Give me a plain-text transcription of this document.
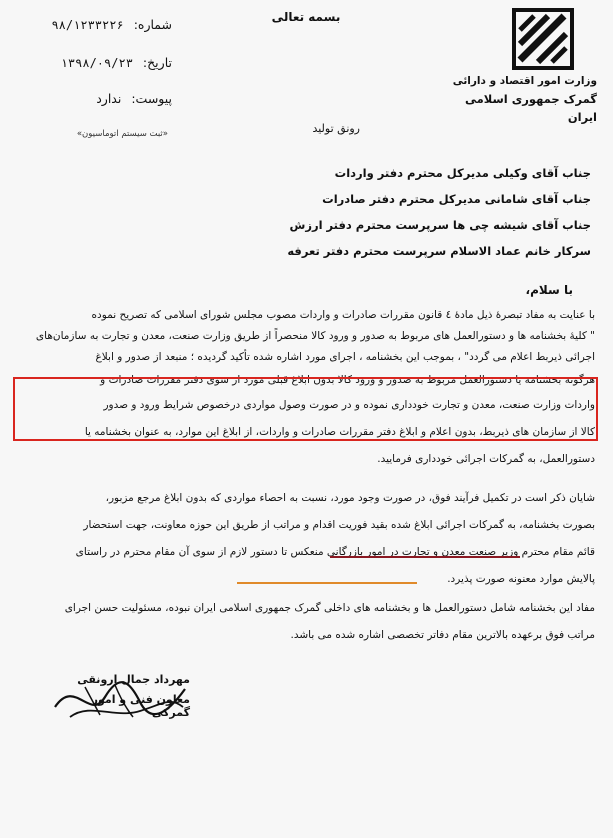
بسمه تعالی
وزارت امور اقتصاد و دارائی
گمرک جمهوری اسلامی ایران
شماره: ۹۸/۱۲۳۳۲۲۶
تاریخ: ۱۳۹۸/۰۹/۲۳
پیوست: ندارد
«ثبت سیستم اتوماسیون»	رونق تولید
جناب آقای وکیلی مدیرکل محترم دفتر واردات
جناب آقای شامانی مدیرکل محترم دفتر صادرات
جناب آقای شیشه چی ها سرپرست محترم دفتر ارزش
سرکار خانم عماد الاسلام سرپرست محترم دفتر تعرفه
با سلام،
با عنایت به مفاد تبصرهٔ ذیل مادهٔ ٤ قانون مقررات صادرات و واردات مصوب مجلس شورای اسلامی که تصریح نموده
" کلیهٔ بخشنامه ها و دستورالعمل های مربوط به صدور و ورود کالا منحصراً از طریق وزارت صنعت، معدن و تجارت به سازمان‌های
اجرائی ذیربط اعلام می گردد" ، بموجب این بخشنامه ، اجرای مورد اشاره شده تأکید گردیده ؛ منبعد از صدور و ابلاغ
هرگونه بخشنامه یا دستورالعمل مربوط به صدور و ورود کالا بدون ابلاغ قبلی مورد از سوی دفتر مقررات صادرات و
واردات وزارت صنعت، معدن و تجارت خودداری نموده و در صورت وصول مواردی درخصوص شرایط ورود و صدور
کالا از سازمان های ذیربط، بدون اعلام و ابلاغ دفتر مقررات صادرات و واردات، از ابلاغ این موارد، به عنوان بخشنامه یا
دستورالعمل، به گمرکات اجرائی خودداری فرمایید.
شایان ذکر است در تکمیل فرآیند فوق، در صورت وجود مورد، نسبت به احصاء مواردی که بدون ابلاغ مرجع مزبور،
بصورت بخشنامه، به گمرکات اجرائی ابلاغ شده بقید فوریت اقدام و مراتب از طریق این حوزه معاونت، جهت استحضار
قائم مقام محترم وزیر صنعت معدن و تجارت در امور بازرگانی منعکس تا دستور لازم از سوی آن مقام محترم در راستای
پالایش موارد معنونه صورت پذیرد.
مفاد این بخشنامه شامل دستورالعمل ها و بخشنامه های داخلی گمرک جمهوری اسلامی ایران نبوده، مسئولیت حسن اجرای
مراتب فوق برعهده بالاترین مقام دفاتر تخصصی اشاره شده می باشد.
مهرداد جمال ارونقی
معاون فنی و امور گمرکی
